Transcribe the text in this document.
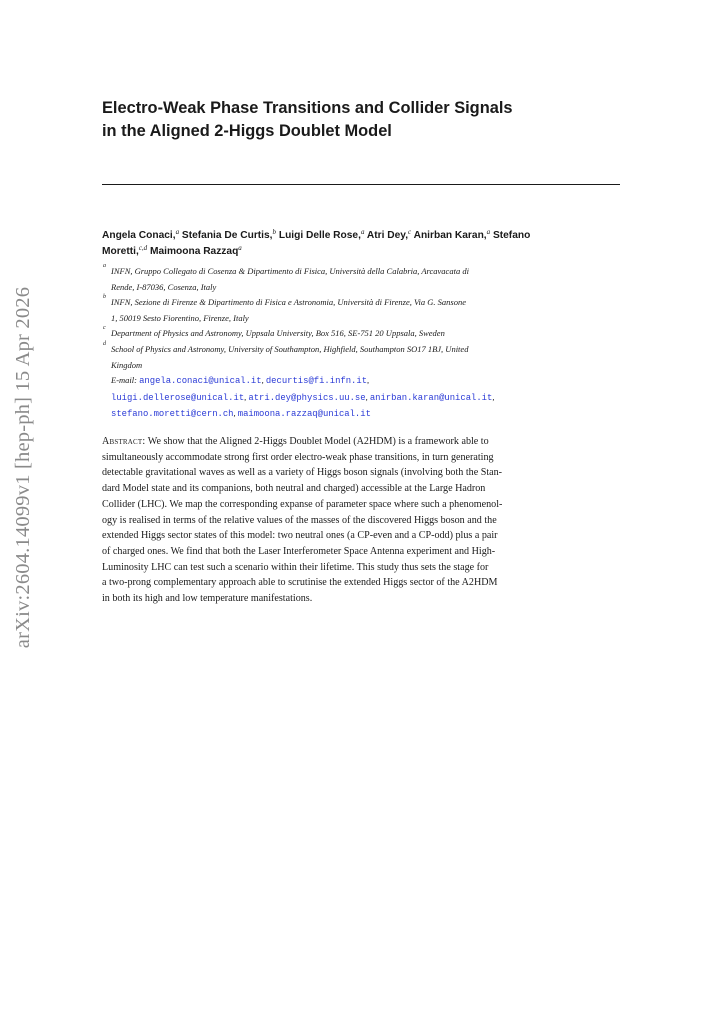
arXiv:2604.14099v1 [hep-ph] 15 Apr 2026
Electro-Weak Phase Transitions and Collider Signals
in the Aligned 2-Higgs Doublet Model
Angela Conaci,$^a$ Stefania De Curtis,$^b$ Luigi Delle Rose,$^a$ Atri Dey,$^c$ Anirban Karan,$^a$ Stefano
Moretti,$^{c,d}$ Maimoona Razzaq$^a$
a INFN, Gruppo Collegato di Cosenza & Dipartimento di Fisica, Università della Calabria, Arcavacata di
Rende, I-87036, Cosenza, Italy
b INFN, Sezione di Firenze & Dipartimento di Fisica e Astronomia, Università di Firenze, Via G. Sansone
1, 50019 Sesto Fiorentino, Firenze, Italy
c Department of Physics and Astronomy, Uppsala University, Box 516, SE-751 20 Uppsala, Sweden
d School of Physics and Astronomy, University of Southampton, Highfield, Southampton SO17 1BJ, United
Kingdom
E-mail: angela.conaci@unical.it, decurtis@fi.infn.it,
luigi.dellerose@unical.it, atri.dey@physics.uu.se, anirban.karan@unical.it,
stefano.moretti@cern.ch, maimoona.razzaq@unical.it
Abstract: We show that the Aligned 2-Higgs Doublet Model (A2HDM) is a framework able to
simultaneously accommodate strong first order electro-weak phase transitions, in turn generating
detectable gravitational waves as well as a variety of Higgs boson signals (involving both the Stan-
dard Model state and its companions, both neutral and charged) accessible at the Large Hadron
Collider (LHC). We map the corresponding expanse of parameter space where such a phenomenol-
ogy is realised in terms of the relative values of the masses of the discovered Higgs boson and the
extended Higgs sector states of this model: two neutral ones (a CP-even and a CP-odd) plus a pair
of charged ones. We find that both the Laser Interferometer Space Antenna experiment and High-
Luminosity LHC can test such a scenario within their lifetime. This study thus sets the stage for
a two-prong complementary approach able to scrutinise the extended Higgs sector of the A2HDM
in both its high and low temperature manifestations.
